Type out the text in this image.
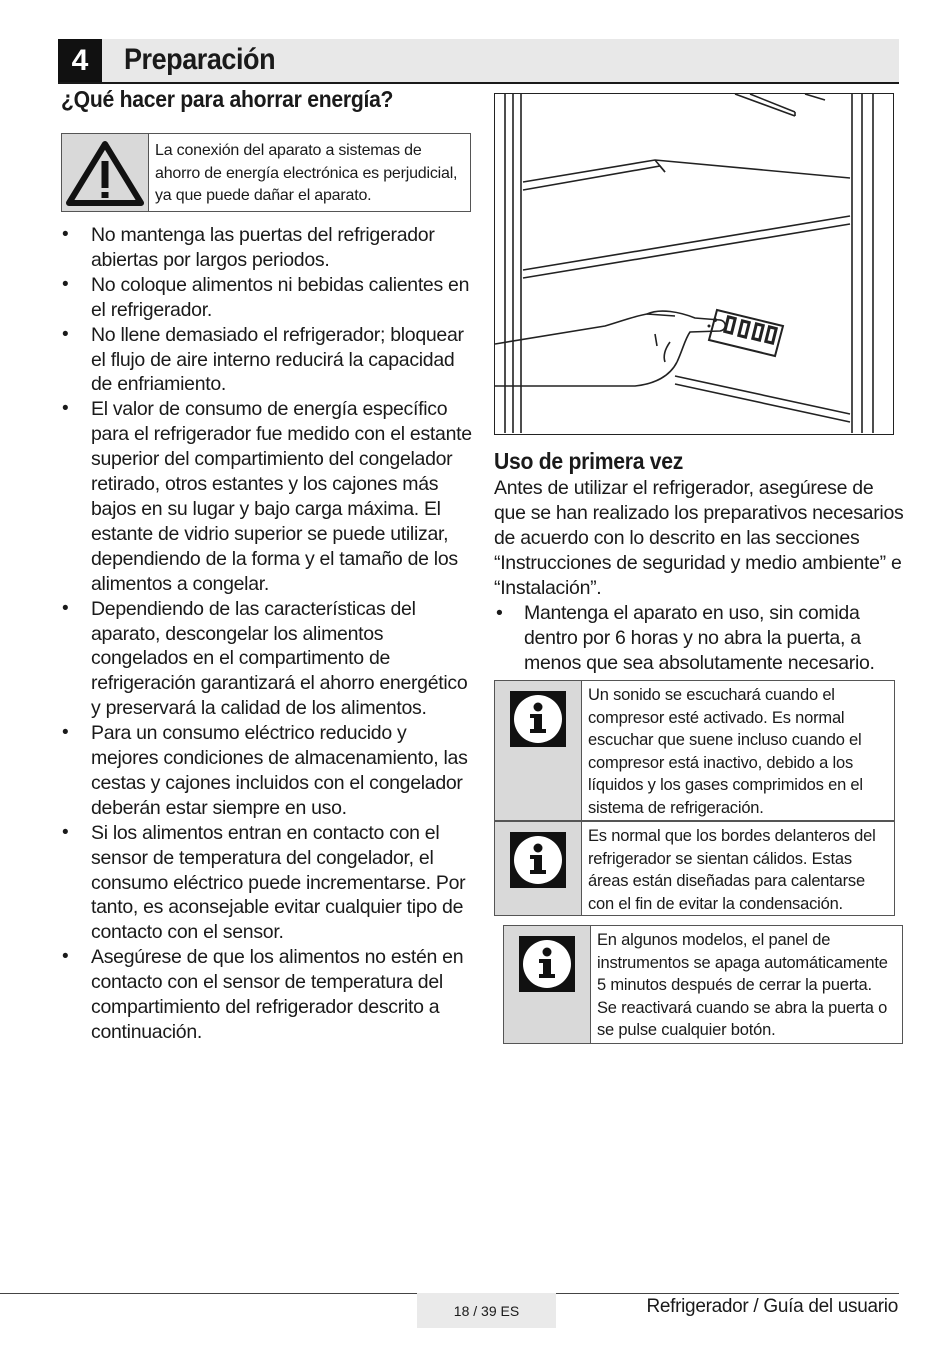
4	Preparación
¿Qué hacer para ahorrar energía?
La conexión del aparato a sistemas de ahorro de energía electrónica es perjudicial, ya que puede dañar el aparato.
• No mantenga las puertas del refrigerador abiertas por largos periodos.
• No coloque alimentos ni bebidas calientes en el refrigerador.
• No llene demasiado el refrigerador; bloquear el flujo de aire interno reducirá la capacidad de enfriamiento.
• El valor de consumo de energía específico para el refrigerador fue medido con el estante superior del compartimiento del congelador retirado, otros estantes y los cajones más bajos en su lugar y bajo carga máxima. El estante de vidrio superior se puede utilizar, dependiendo de la forma y el tamaño de los alimentos a congelar.
• Dependiendo de las características del aparato, descongelar los alimentos congelados en el compartimento de refrigeración garantizará el ahorro energético y preservará la calidad de los alimentos.
• Para un consumo eléctrico reducido y mejores condiciones de almacenamiento, las cestas y cajones incluidos con el congelador deberán estar siempre en uso.
• Si los alimentos entran en contacto con el sensor de temperatura del congelador, el consumo eléctrico puede incrementarse. Por tanto, es aconsejable evitar cualquier tipo de contacto con el sensor.
• Asegúrese de que los alimentos no estén en contacto con el sensor de temperatura del compartimiento del refrigerador descrito a continuación.
Uso de primera vez

Antes de utilizar el refrigerador, asegúrese de que se han realizado los preparativos necesarios de acuerdo con lo descrito en las secciones “Instrucciones de seguridad y medio ambiente” e “Instalación”.

• Mantenga el aparato en uso, sin comida dentro por 6 horas y no abra la puerta, a menos que sea absolutamente necesario.
Un sonido se escuchará cuando el compresor esté activado. Es normal escuchar que suene incluso cuando el compresor está inactivo, debido a los líquidos y los gases comprimidos en el sistema de refrigeración.
Es normal que los bordes delanteros del refrigerador se sientan cálidos. Estas áreas están diseñadas para calentarse con el fin de evitar la condensación.
En algunos modelos, el panel de instrumentos se apaga automáticamente 5 minutos después de cerrar la puerta. Se reactivará cuando se abra la puerta o se pulse cualquier botón.
18 / 39 ES	Refrigerador / Guía del usuario
